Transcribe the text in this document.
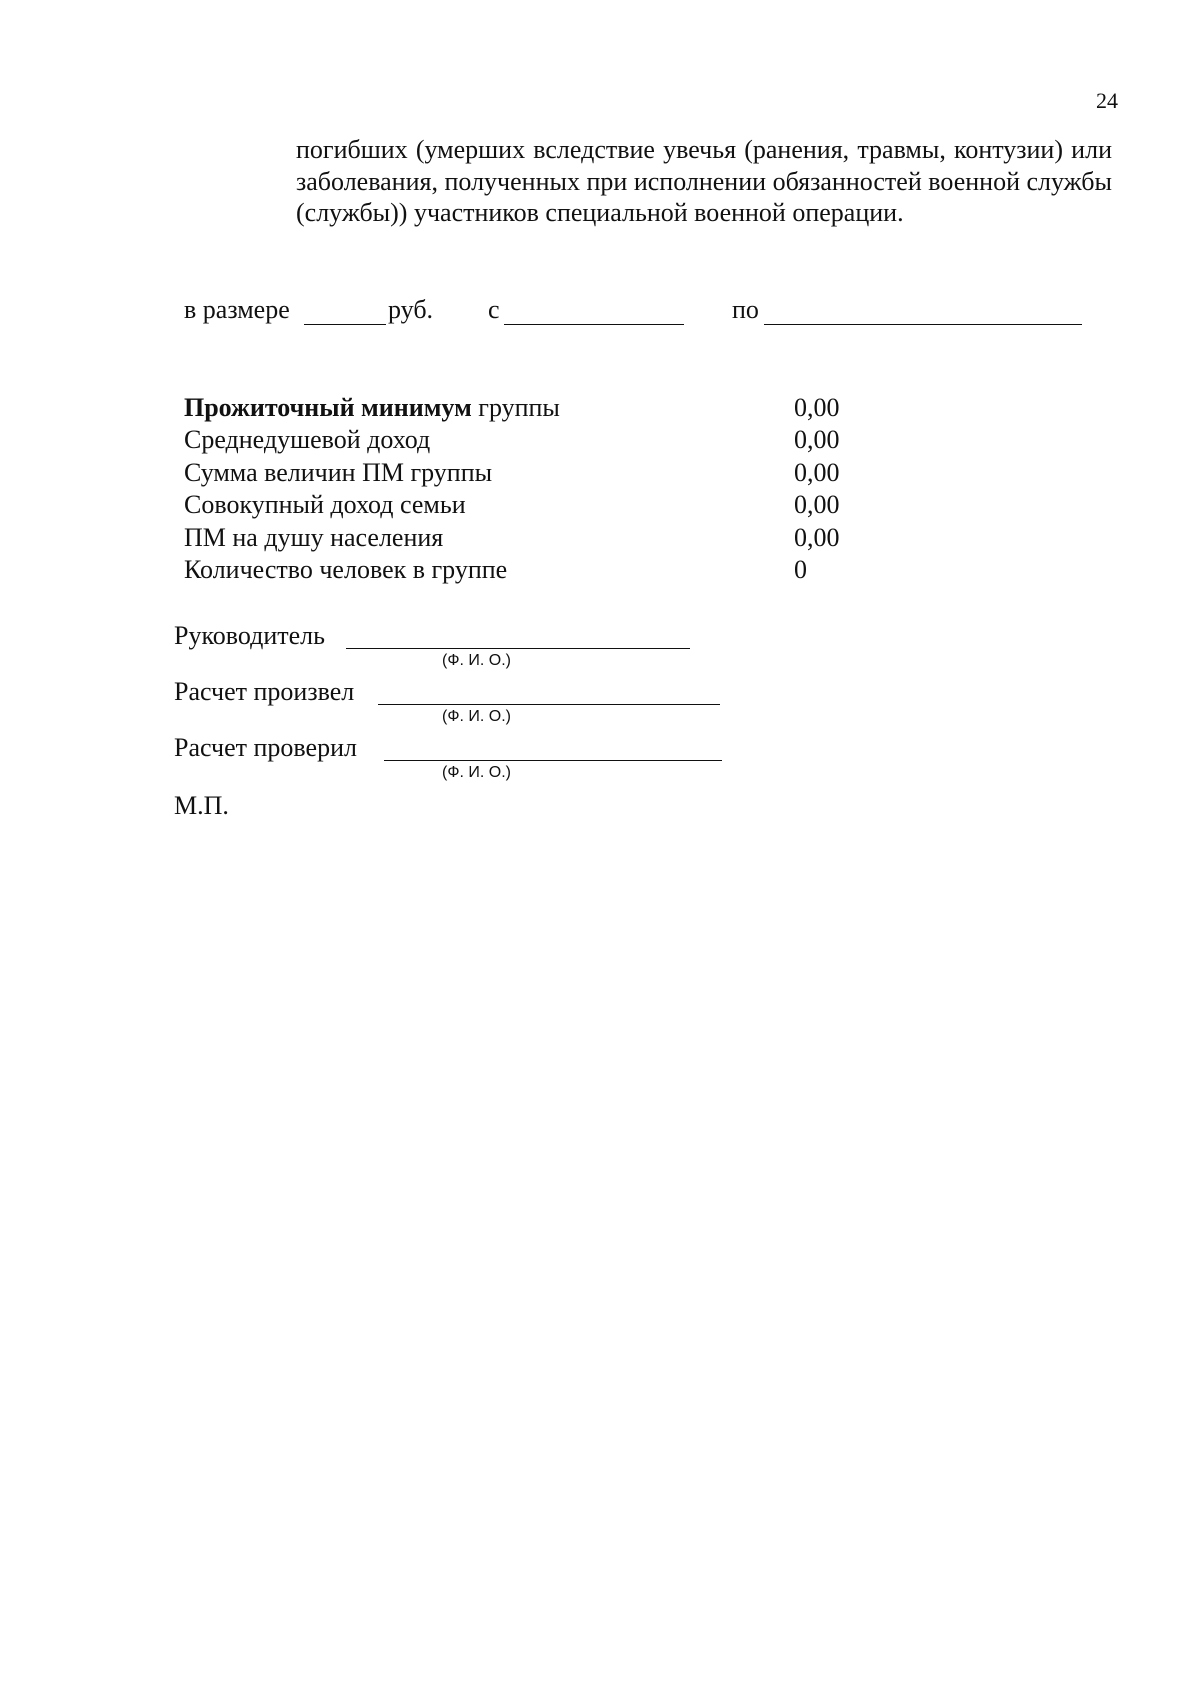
24
погибших (умерших вследствие увечья (ранения, травмы, контузии) или заболевания, полученных при исполнении обязанностей военной службы (службы)) участников специальной военной операции.
в размере	руб. с	по
Прожиточный минимум группы	0,00
Среднедушевой доход	0,00
Сумма величин ПМ группы	0,00
Совокупный доход семьи	0,00
ПМ на душу населения	0,00
Количество человек в группе	0
Руководитель
(Ф. И. О.)
Расчет произвел
(Ф. И. О.)
Расчет проверил
(Ф. И. О.)
М.П.
